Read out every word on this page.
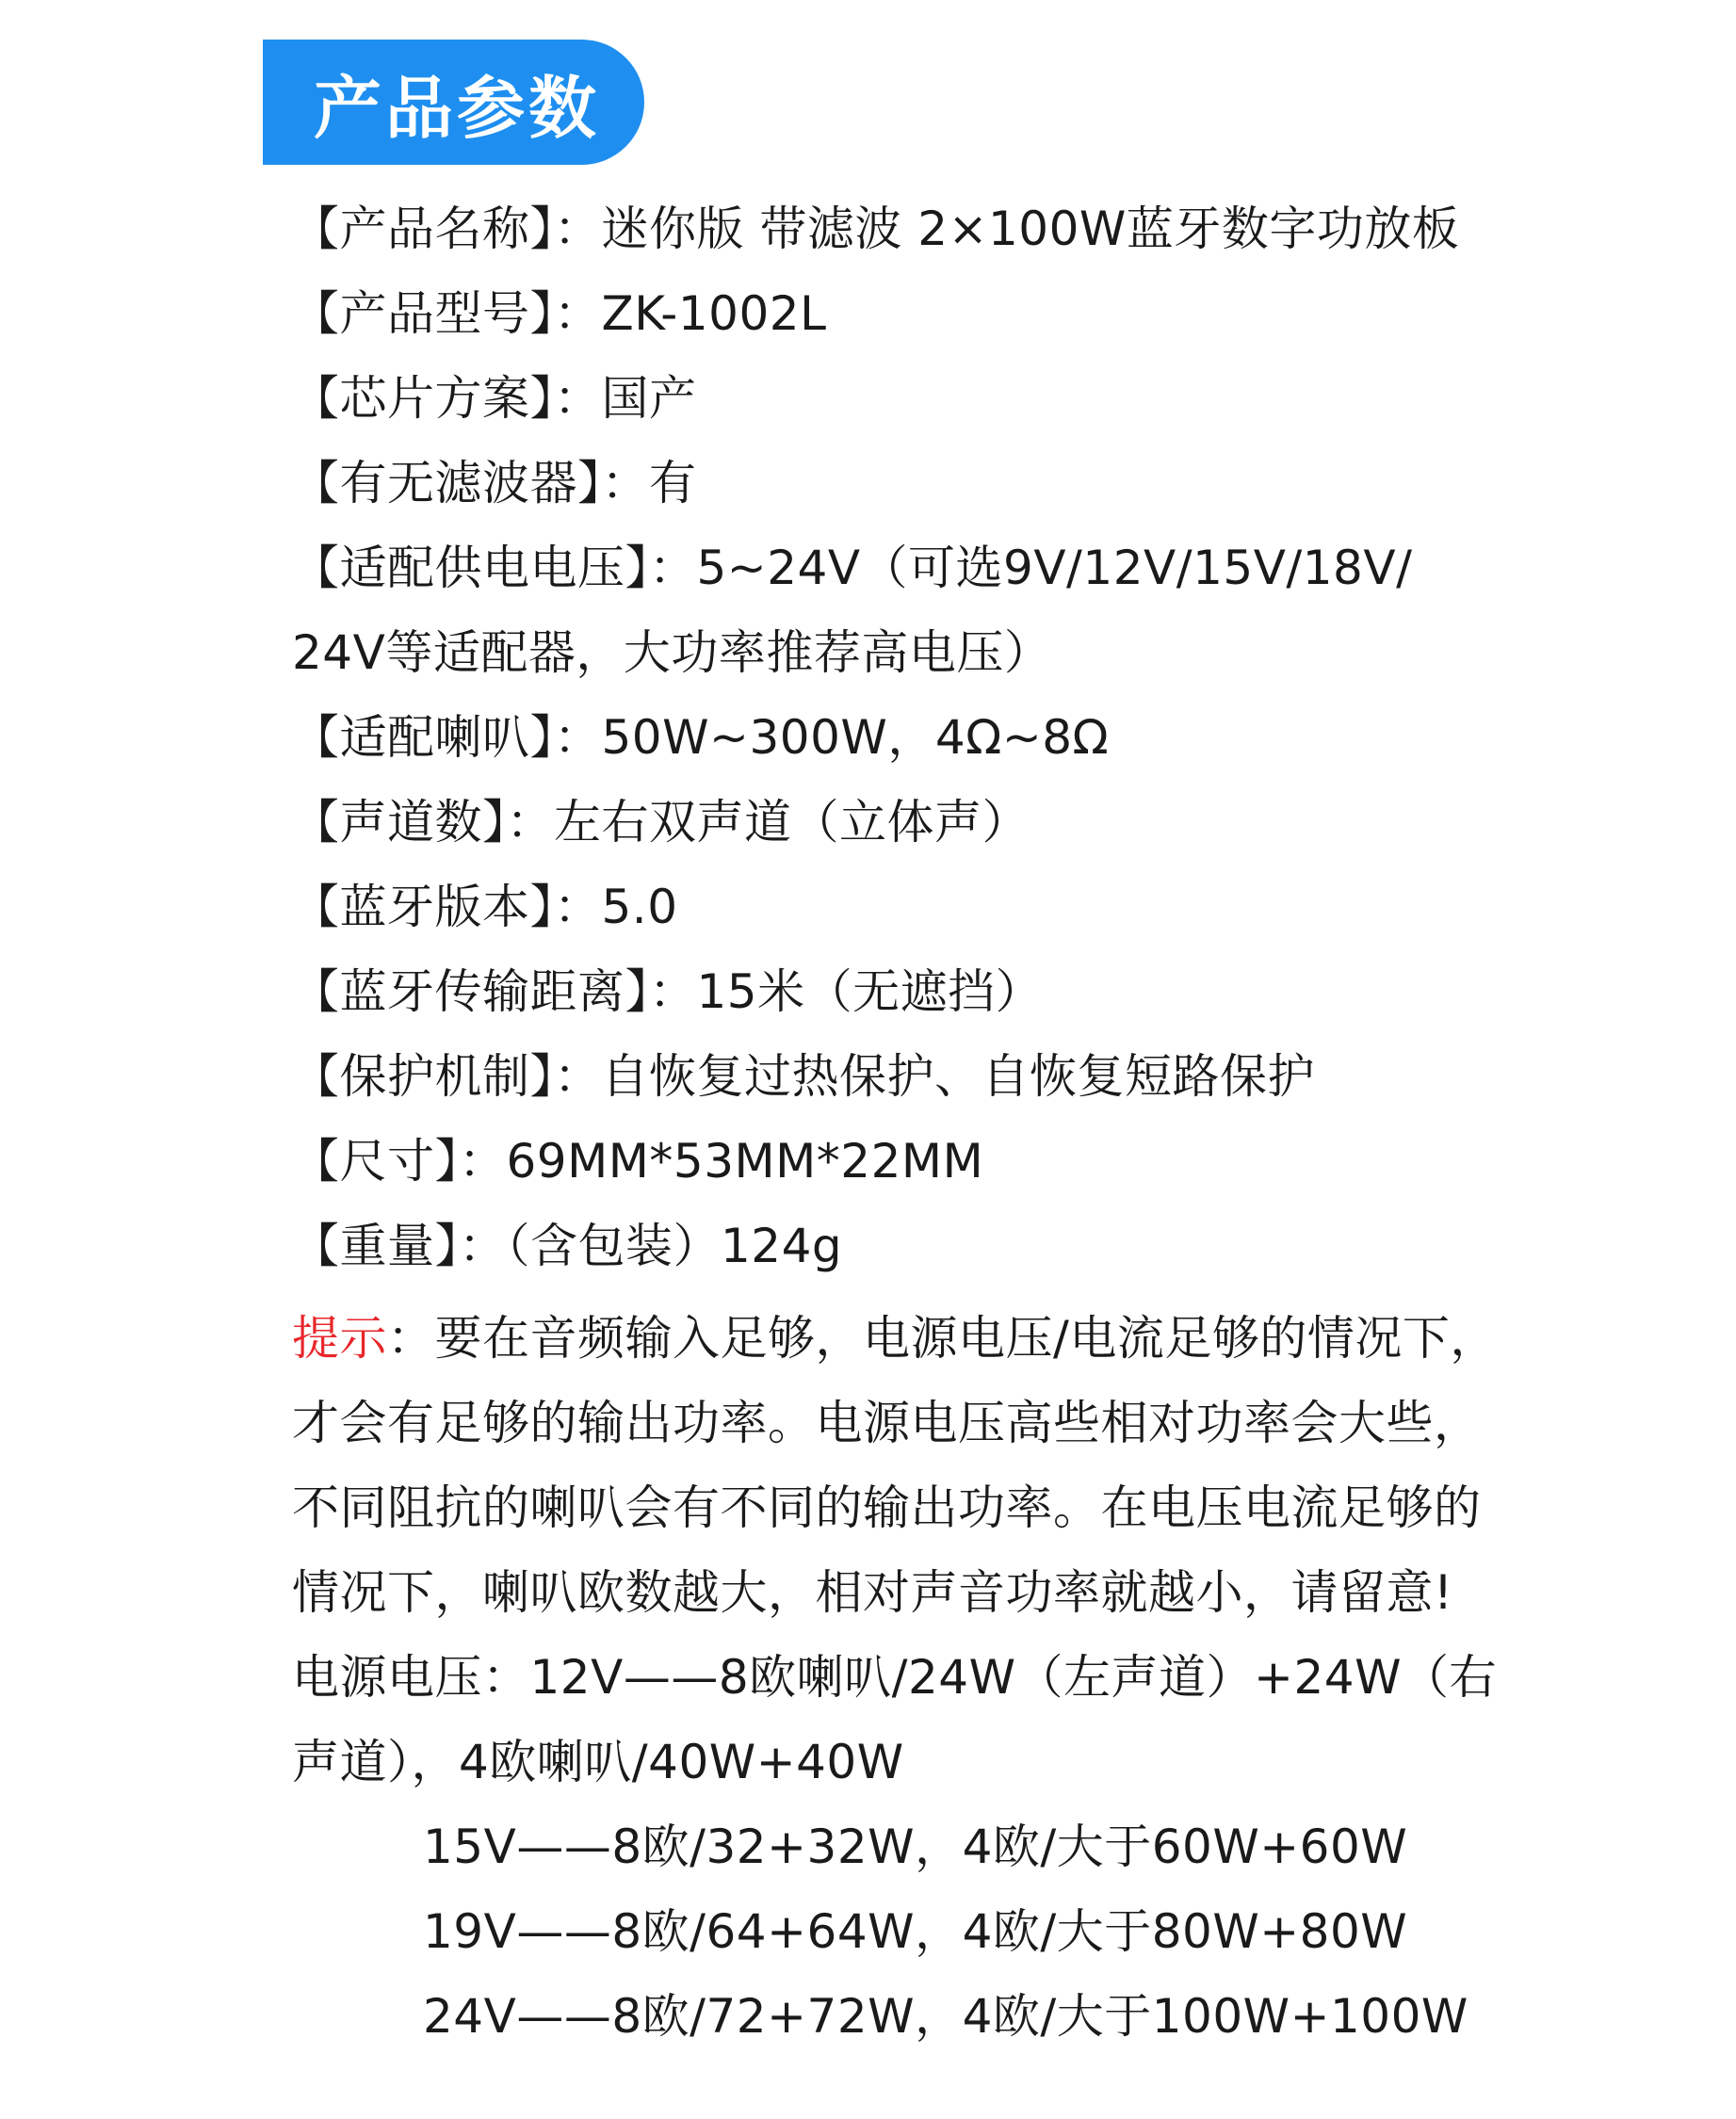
产品参数
【产品名称】：迷你版 带滤波 2×100W蓝牙数字功放板
【产品型号】：ZK-1002L
【芯片方案】：国产
【有无滤波器】：有
【适配供电电压】：5~24V（可选9V/12V/15V/18V/
24V等适配器，大功率推荐高电压）
【适配喇叭】：50W~300W，4Ω~8Ω
【声道数】：左右双声道（立体声）
【蓝牙版本】：5.0
【蓝牙传输距离】：15米（无遮挡）
【保护机制】：自恢复过热保护、自恢复短路保护
【尺寸】：69MM*53MM*22MM
【重量】：（含包装）124g
提示：要在音频输入足够，电源电压/电流足够的情况下，
才会有足够的输出功率。电源电压高些相对功率会大些，
不同阻抗的喇叭会有不同的输出功率。在电压电流足够的
情况下，喇叭欧数越大，相对声音功率就越小，请留意!
电源电压：12V——8欧喇叭/24W（左声道）+24W（右
声道），4欧喇叭/40W+40W
15V——8欧/32+32W，4欧/大于60W+60W
19V——8欧/64+64W，4欧/大于80W+80W
24V——8欧/72+72W，4欧/大于100W+100W
